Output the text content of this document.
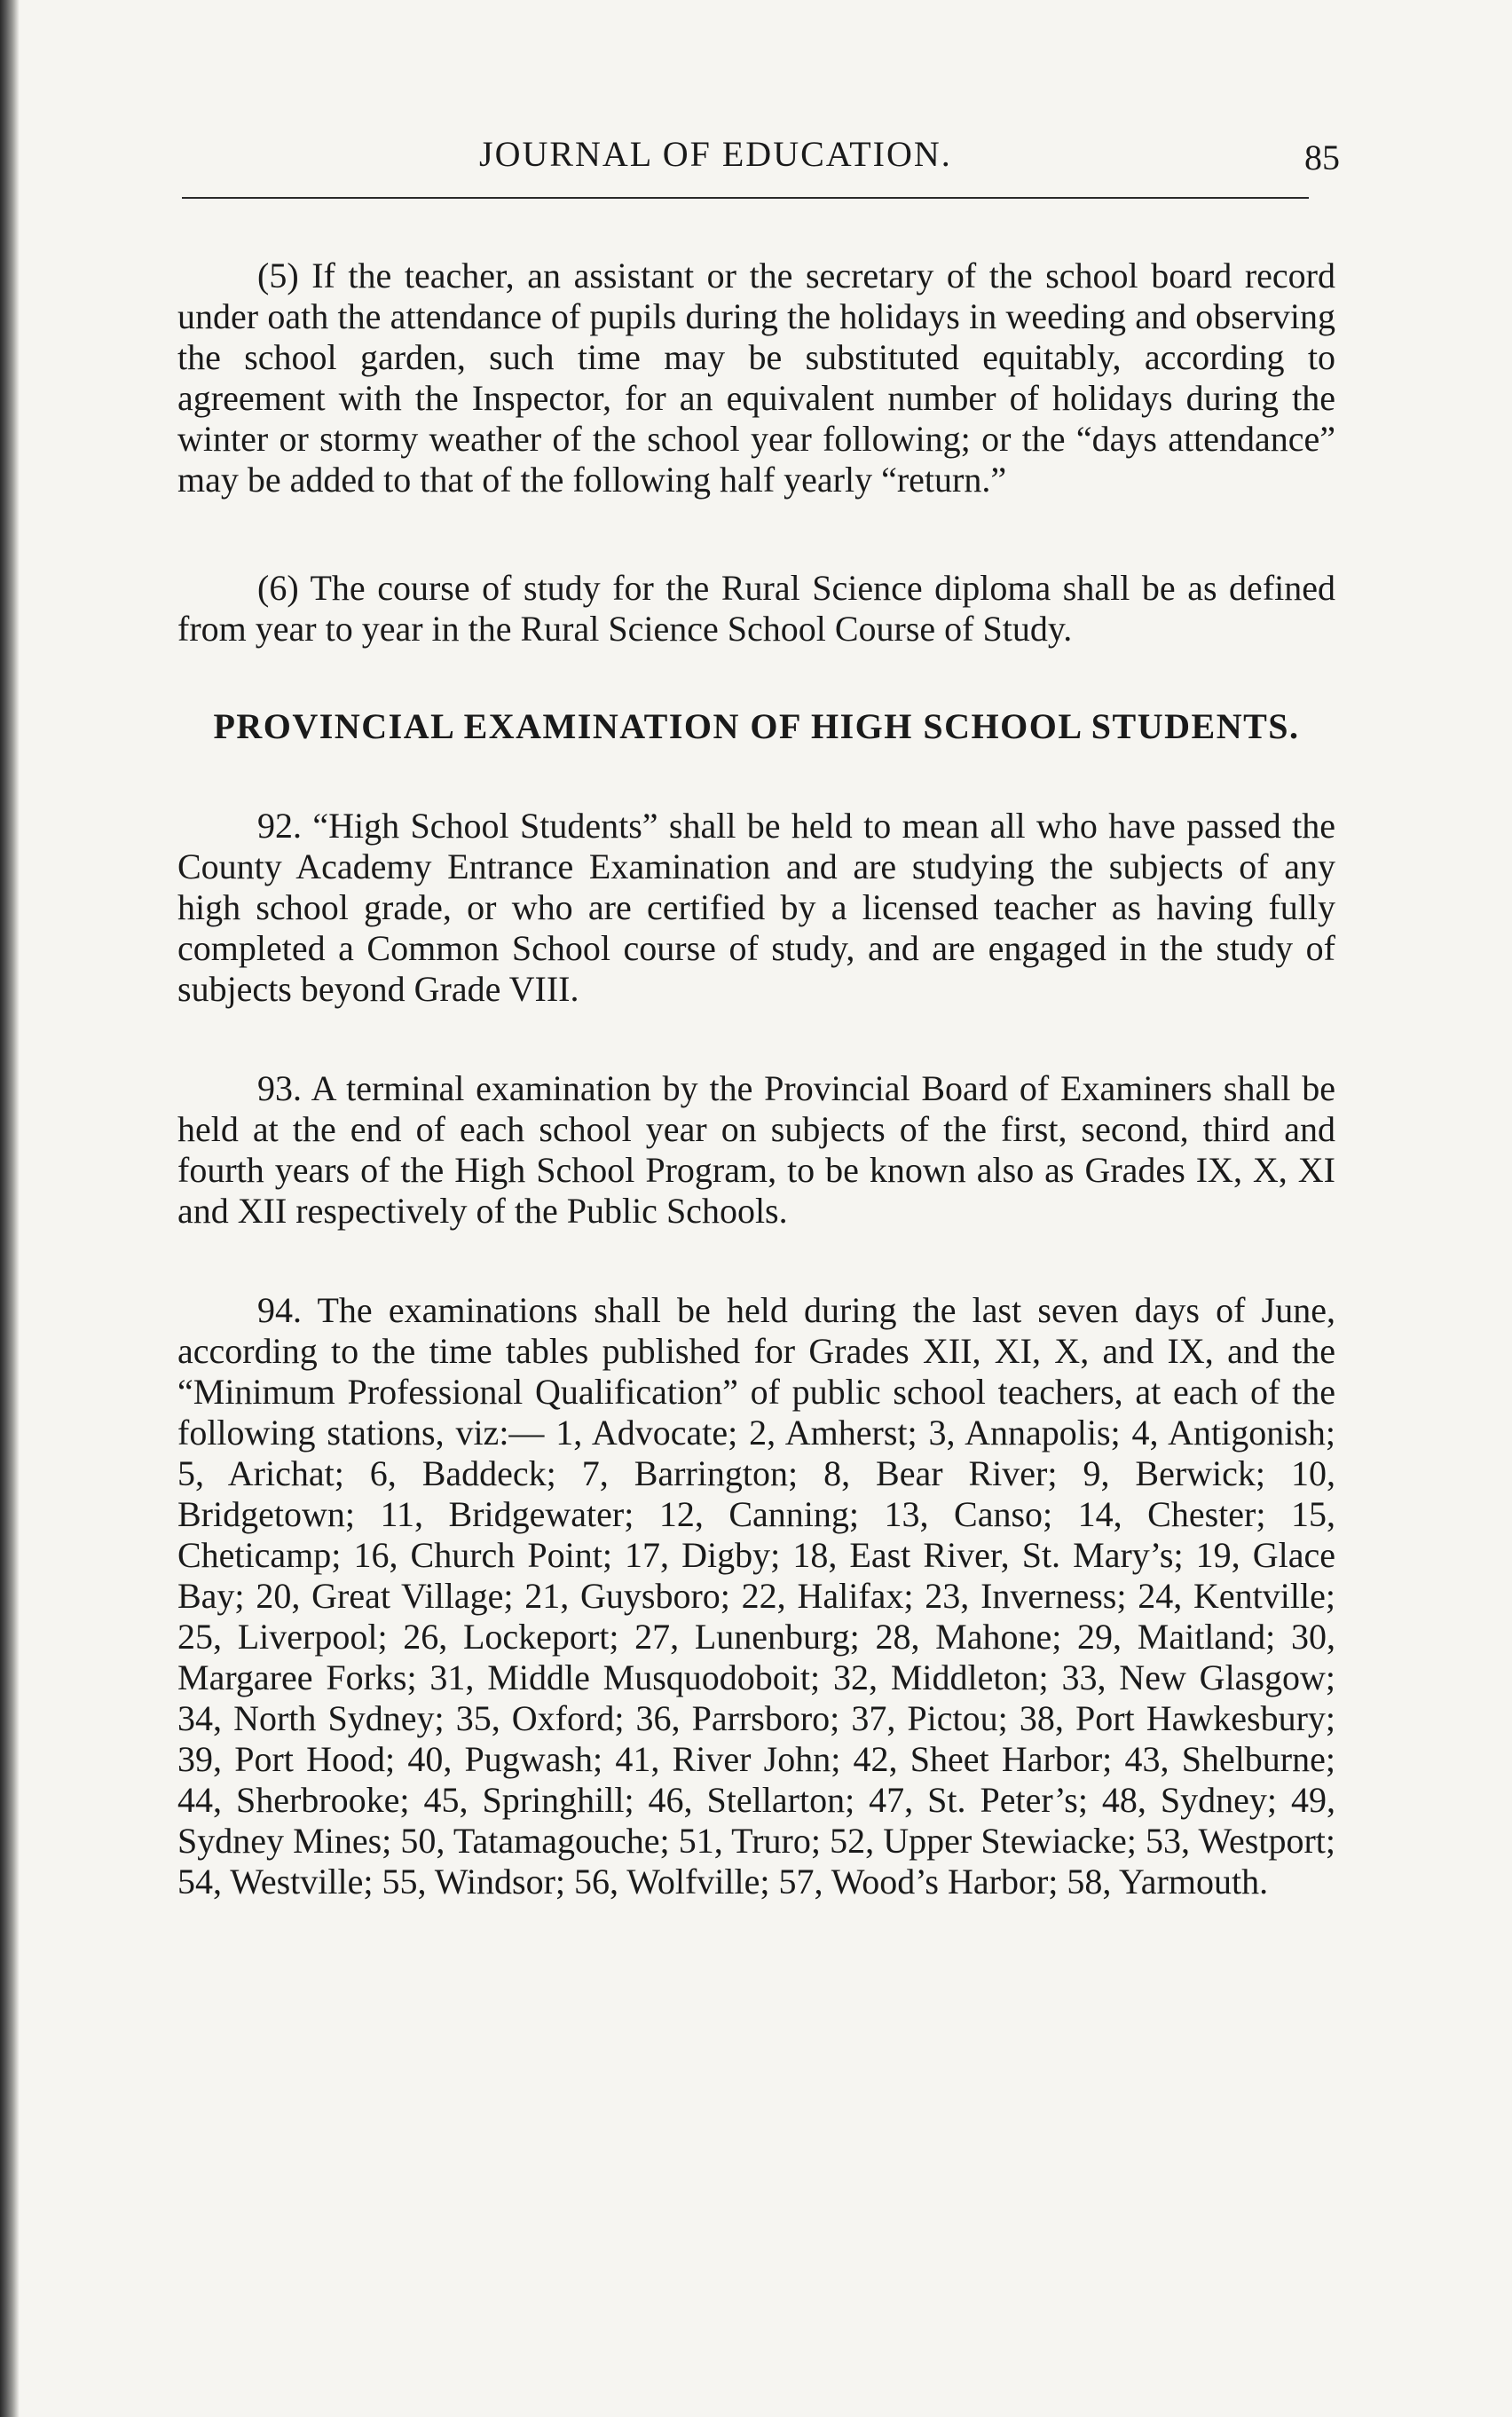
JOURNAL OF EDUCATION.	85

(5) If the teacher, an assistant or the secretary of the school board record under oath the attendance of pupils during the holidays in weeding and observing the school garden, such time may be substituted equitably, according to agreement with the Inspector, for an equivalent number of holidays during the winter or stormy weather of the school year following; or the “days attendance” may be added to that of the following half yearly “return.”

(6) The course of study for the Rural Science diploma shall be as defined from year to year in the Rural Science School Course of Study.

PROVINCIAL EXAMINATION OF HIGH SCHOOL STUDENTS.

92. “High School Students” shall be held to mean all who have passed the County Academy Entrance Examination and are studying the subjects of any high school grade, or who are certified by a licensed teacher as having fully completed a Common School course of study, and are engaged in the study of subjects beyond Grade VIII.

93. A terminal examination by the Provincial Board of Examiners shall be held at the end of each school year on subjects of the first, second, third and fourth years of the High School Program, to be known also as Grades IX, X, XI and XII respectively of the Public Schools.

94. The examinations shall be held during the last seven days of June, according to the time tables published for Grades XII, XI, X, and IX, and the “Minimum Professional Qualification” of public school teachers, at each of the following stations, viz:— 1, Advocate; 2, Amherst; 3, Annapolis; 4, Antigonish; 5, Arichat; 6, Baddeck; 7, Barrington; 8, Bear River; 9, Berwick; 10, Bridgetown; 11, Bridgewater; 12, Canning; 13, Canso; 14, Chester; 15, Cheticamp; 16, Church Point; 17, Digby; 18, East River, St. Mary’s; 19, Glace Bay; 20, Great Village; 21, Guysboro; 22, Halifax; 23, Inverness; 24, Kentville; 25, Liverpool; 26, Lockeport; 27, Lunenburg; 28, Mahone; 29, Maitland; 30, Margaree Forks; 31, Middle Musquodoboit; 32, Middleton; 33, New Glasgow; 34, North Sydney; 35, Oxford; 36, Parrsboro; 37, Pictou; 38, Port Hawkesbury; 39, Port Hood; 40, Pugwash; 41, River John; 42, Sheet Harbor; 43, Shelburne; 44, Sherbrooke; 45, Springhill; 46, Stellarton; 47, St. Peter’s; 48, Sydney; 49, Sydney Mines; 50, Tatamagouche; 51, Truro; 52, Upper Stewiacke; 53, Westport; 54, Westville; 55, Windsor; 56, Wolfville; 57, Wood’s Harbor; 58, Yarmouth.
